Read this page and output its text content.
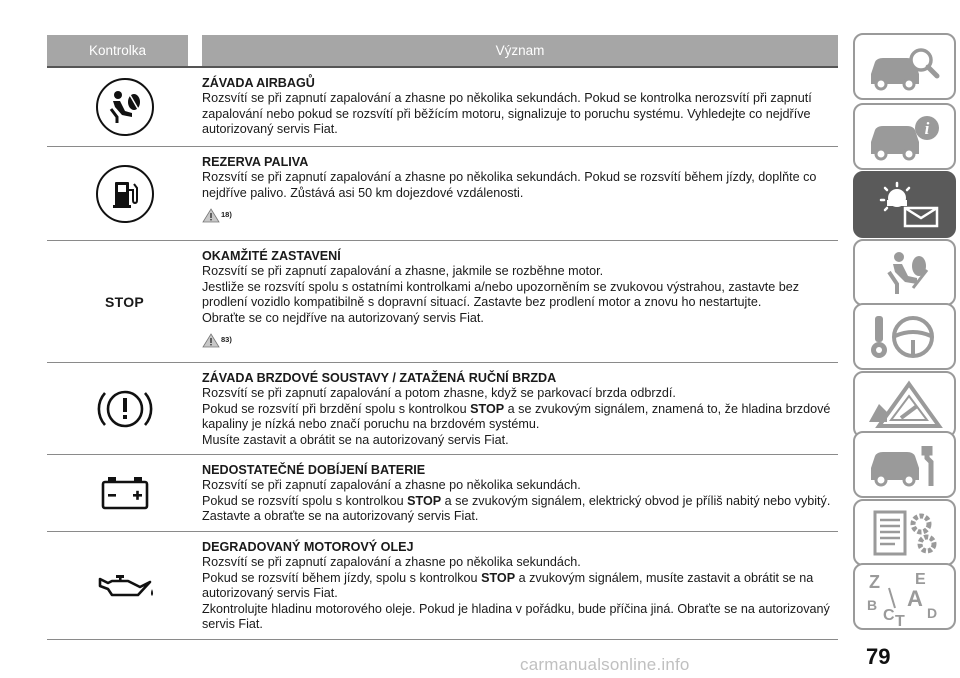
Kontrolka	Význam

ZÁVADA AIRBAGŮ

Rozsvítí se při zapnutí zapalování a zhasne po několika sekundách. Pokud se kontrolka nerozsvítí při zapnutí zapalování nebo pokud se rozsvítí při běžícím motoru, signalizuje to poruchu systému. Vyhledejte co nejdříve autorizovaný servis Fiat.

REZERVA PALIVA

Rozsvítí se při zapnutí zapalování a zhasne po několika sekundách. Pokud se rozsvítí během jízdy, doplňte co nejdříve palivo. Zůstává asi 50 km dojezdové vzdálenosti.

18)
STOP

OKAMŽITÉ ZASTAVENÍ

Rozsvítí se při zapnutí zapalování a zhasne, jakmile se rozběhne motor.

Jestliže se rozsvítí spolu s ostatními kontrolkami a/nebo upozorněním se zvukovou výstrahou, zastavte bez prodlení vozidlo kompatibilně s dopravní situací. Zastavte bez prodlení motor a znovu ho nestartujte.

Obraťte se co nejdříve na autorizovaný servis Fiat.

83)

ZÁVADA BRZDOVÉ SOUSTAVY / ZATAŽENÁ RUČNÍ BRZDA

Rozsvítí se při zapnutí zapalování a potom zhasne, když se parkovací brzda odbrzdí.

Pokud se rozsvítí při brzdění spolu s kontrolkou STOP a se zvukovým signálem, znamená to, že hladina brzdové kapaliny je nízká nebo značí poruchu na brzdovém systému.

Musíte zastavit a obrátit se na autorizovaný servis Fiat.

NEDOSTATEČNÉ DOBÍJENÍ BATERIE

Rozsvítí se při zapnutí zapalování a zhasne po několika sekundách.

Pokud se rozsvítí spolu s kontrolkou STOP a se zvukovým signálem, elektrický obvod je příliš nabitý nebo vybitý. Zastavte a obraťte se na autorizovaný servis Fiat.

DEGRADOVANÝ MOTOROVÝ OLEJ

Rozsvítí se při zapnutí zapalování a zhasne po několika sekundách.

Pokud se rozsvítí během jízdy, spolu s kontrolkou STOP a zvukovým signálem, musíte zastavit a obrátit se na autorizovaný servis Fiat.

Zkontrolujte hladinu motorového oleje. Pokud je hladina v pořádku, bude příčina jiná. Obraťte se na autorizovaný servis Fiat.

i
Z E
A
B
C D
T
79
carmanualsonline.info
